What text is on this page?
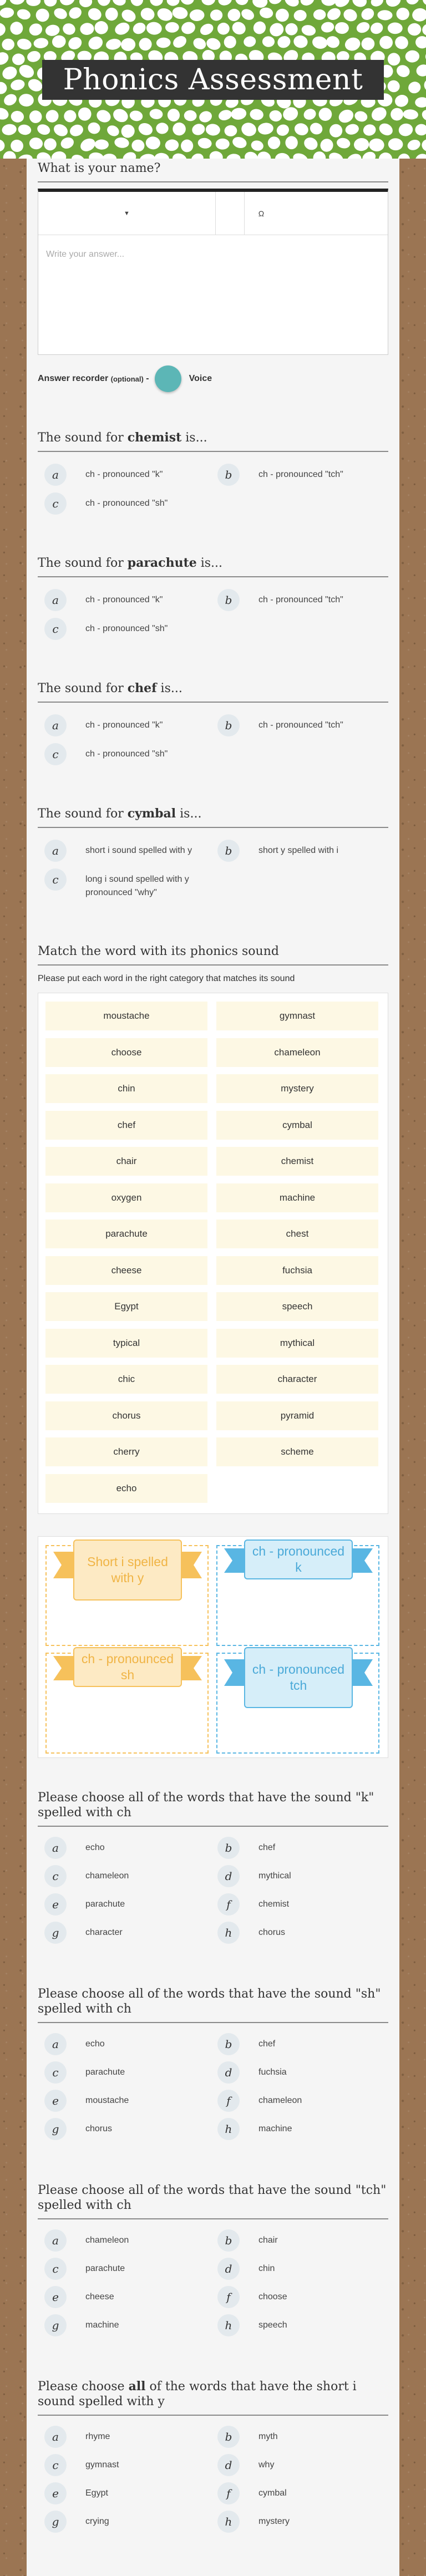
Phonics Assessment
What is your name?
▼	Ω
Write your answer...
Answer recorder
(optional)
-	Voice
The sound for chemist is...
a	ch - pronounced "k"	b	ch - pronounced "tch"
c	ch - pronounced "sh"
The sound for parachute is...
a	ch - pronounced "k"	b	ch - pronounced "tch"
c	ch - pronounced "sh"
The sound for chef is...
a	ch - pronounced "k"	b	ch - pronounced "tch"
c	ch - pronounced "sh"
The sound for cymbal is...
a	short i sound spelled with y	b	short y spelled with i
c	long i sound spelled with y pronounced "why"
Match the word with its phonics sound
Please put each word in the right category that matches its sound
moustache	gymnast
choose	chameleon
chin	mystery
chef	cymbal
chair	chemist
oxygen	machine
parachute	chest
cheese	fuchsia
Egypt	speech
typical	mythical
chic	character
chorus	pyramid
cherry	scheme
echo
Short i spelled with y
ch - pronounced k
ch - pronounced sh	ch - pronounced tch
Please choose all of the words that have the sound "k" spelled with ch
a	echo	b	chef
c	chameleon	d	mythical
e	parachute	f	chemist
g	character	h	chorus
Please choose all of the words that have the sound "sh" spelled with ch
a	echo	b	chef
c	parachute	d	fuchsia
e	moustache	f	chameleon
g	chorus	h	machine
Please choose all of the words that have the sound "tch" spelled with ch
a	chameleon	b	chair
c	parachute	d	chin
e	cheese	f	choose
g	machine	h	speech
Please choose all of the words that have the short i sound spelled with y
a	rhyme	b	myth
c	gymnast	d	why
e	Egypt	f	cymbal
g	crying	h	mystery
